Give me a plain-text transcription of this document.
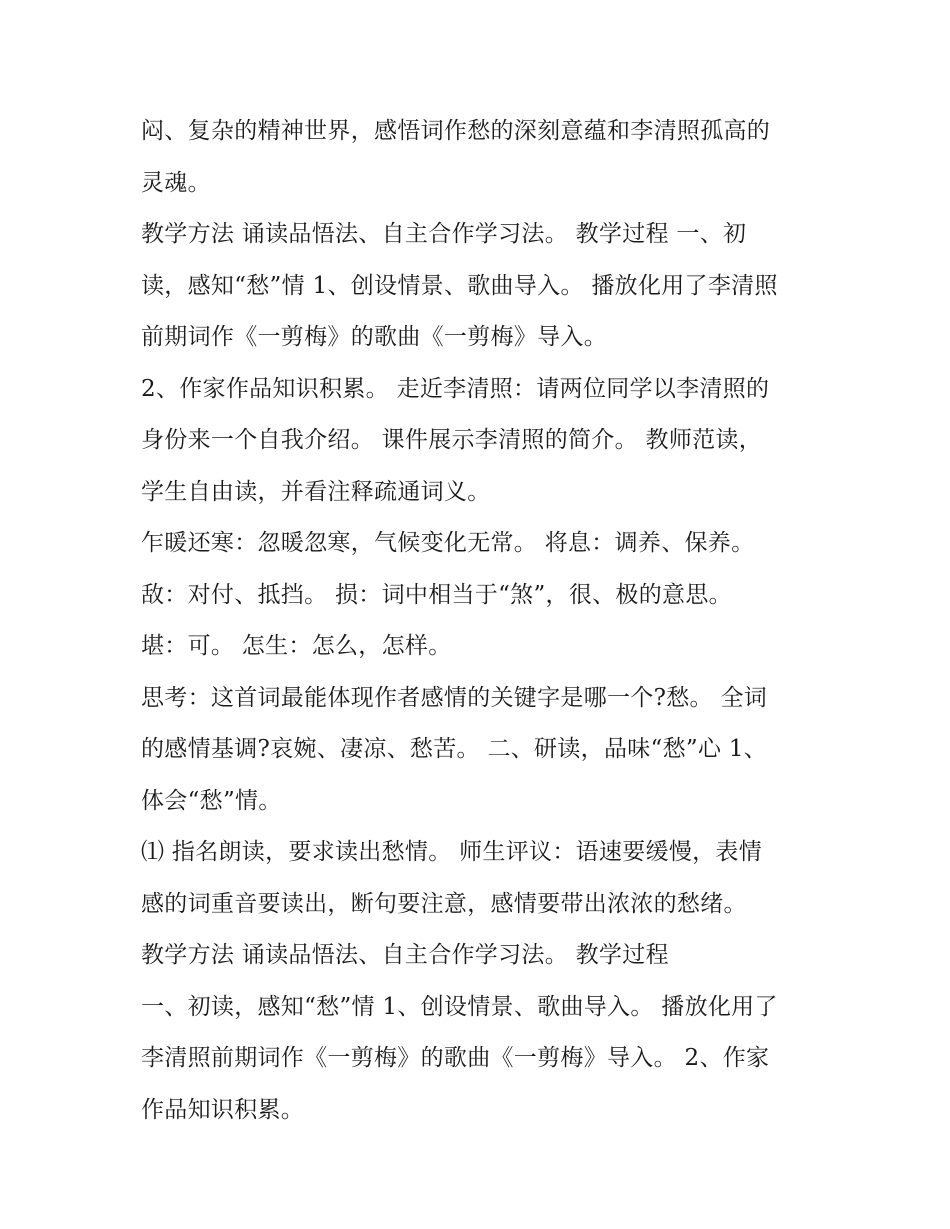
闷、复杂的精神世界，感悟词作愁的深刻意蕴和李清照孤高的
灵魂。

教学方法 诵读品悟法、自主合作学习法。 教学过程 一、初
读，感知“愁”情 1、创设情景、歌曲导入。 播放化用了李清照
前期词作《一剪梅》的歌曲《一剪梅》导入。

2、作家作品知识积累。 走近李清照：请两位同学以李清照的
身份来一个自我介绍。 课件展示李清照的简介。 教师范读，
学生自由读，并看注释疏通词义。

乍暖还寒：忽暖忽寒，气候变化无常。 将息：调养、保养。
敌：对付、抵挡。 损：词中相当于“煞”，很、极的意思。
堪：可。 怎生：怎么，怎样。

思考：这首词最能体现作者感情的关键字是哪一个?愁。 全词
的感情基调?哀婉、凄凉、愁苦。 二、研读，品味“愁”心 1、
体会“愁”情。

⑴ 指名朗读，要求读出愁情。 师生评议：语速要缓慢，表情
感的词重音要读出，断句要注意，感情要带出浓浓的愁绪。

教学方法 诵读品悟法、自主合作学习法。 教学过程

一、初读，感知“愁”情 1、创设情景、歌曲导入。 播放化用了
李清照前期词作《一剪梅》的歌曲《一剪梅》导入。 2、作家
作品知识积累。
